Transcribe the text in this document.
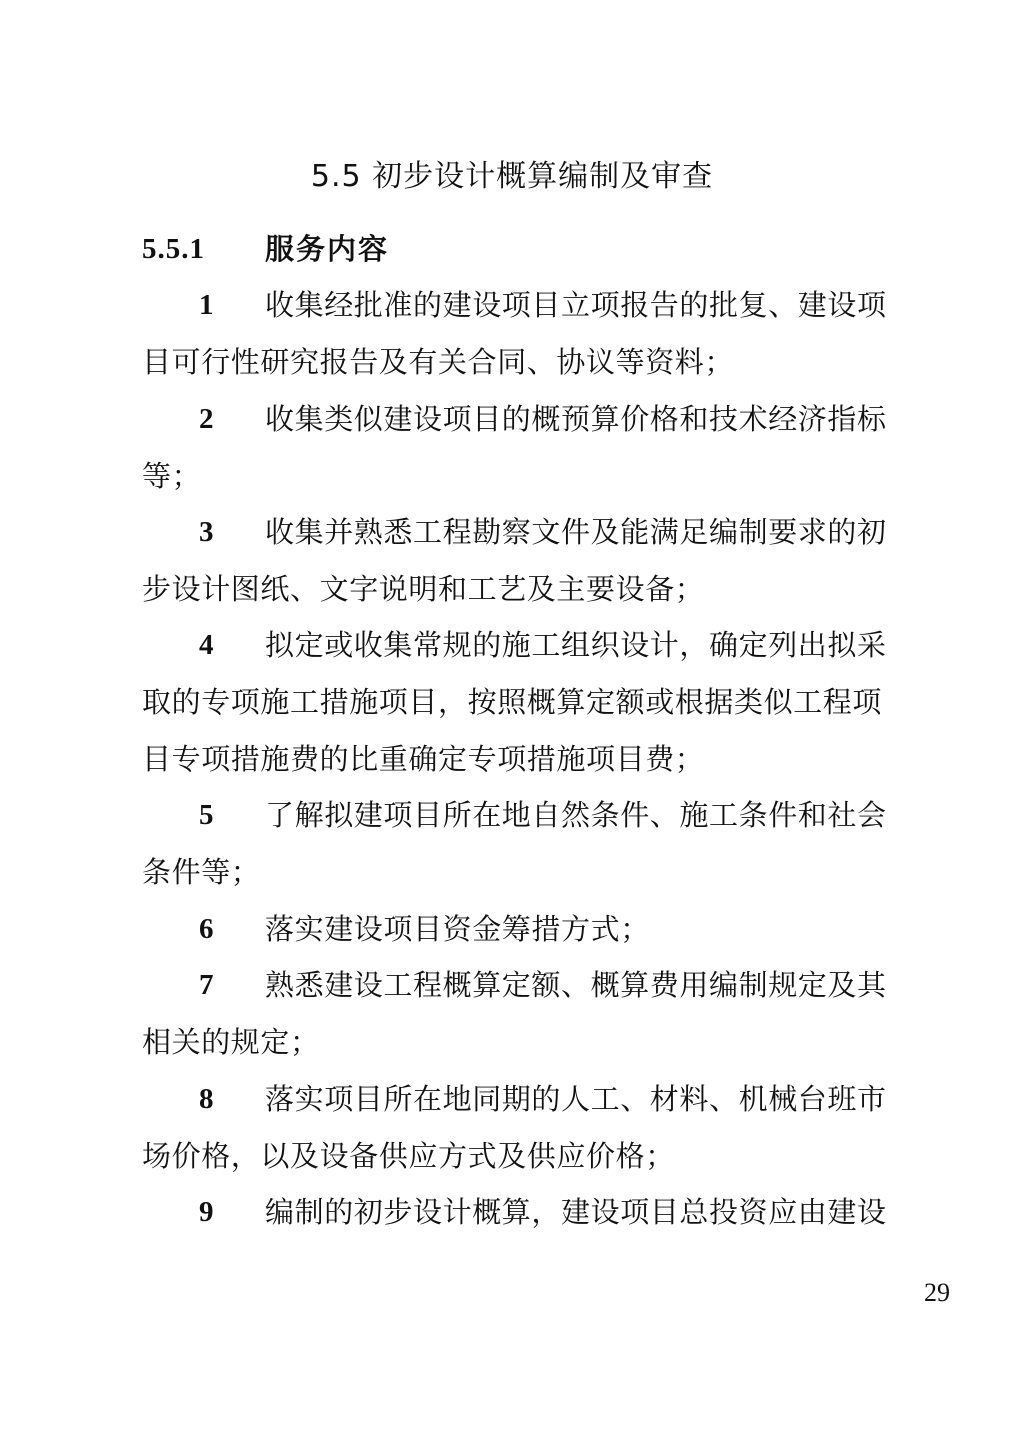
5.5 初步设计概算编制及审查
5.5.1 服务内容
1 收集经批准的建设项目立项报告的批复、建设项
目可行性研究报告及有关合同、协议等资料；
2 收集类似建设项目的概预算价格和技术经济指标
等；
3 收集并熟悉工程勘察文件及能满足编制要求的初
步设计图纸、文字说明和工艺及主要设备；
4 拟定或收集常规的施工组织设计，确定列出拟采
取的专项施工措施项目，按照概算定额或根据类似工程项目专项措施费的比重确定专项措施项目费；
5 了解拟建项目所在地自然条件、施工条件和社会
条件等；
6 落实建设项目资金筹措方式；
7 熟悉建设工程概算定额、概算费用编制规定及其
相关的规定；
8 落实项目所在地同期的人工、材料、机械台班市
场价格，以及设备供应方式及供应价格；
9 编制的初步设计概算，建设项目总投资应由建设
29
